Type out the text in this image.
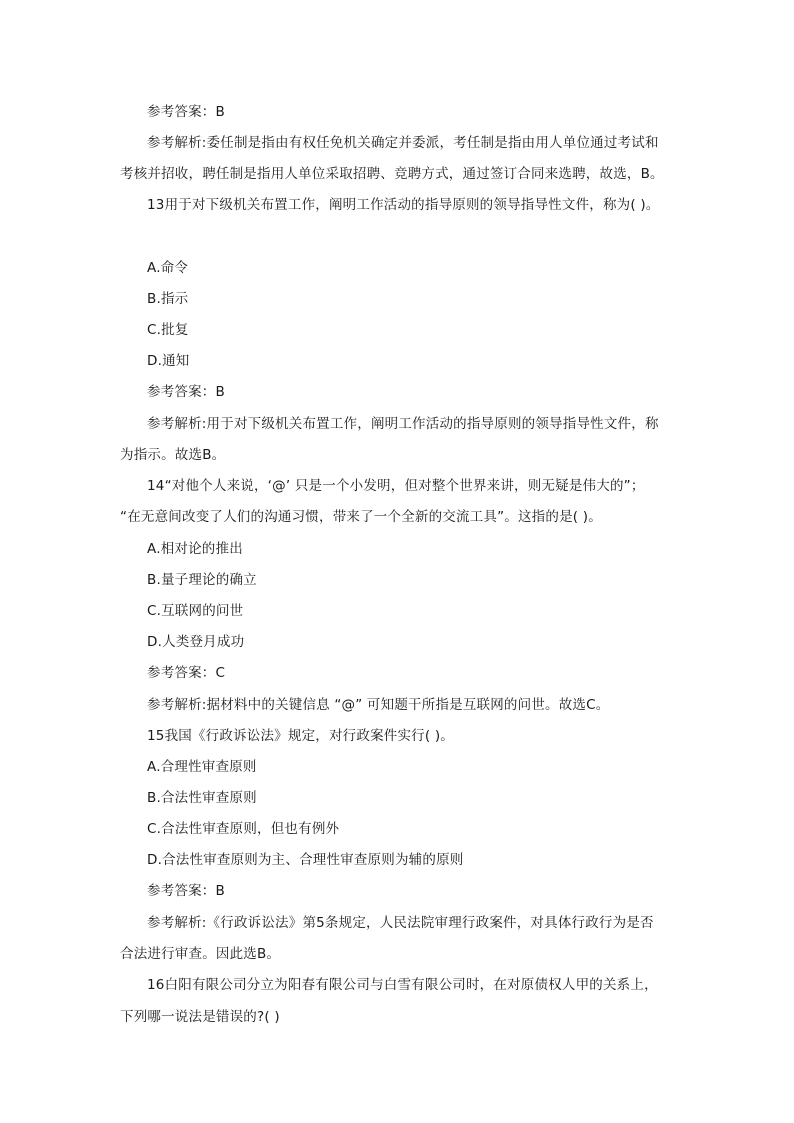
参考答案：B
参考解析:委任制是指由有权任免机关确定并委派，考任制是指由用人单位通过考试和
考核并招收，聘任制是指用人单位采取招聘、竞聘方式，通过签订合同来选聘，故选，B。
13用于对下级机关布置工作，阐明工作活动的指导原则的领导指导性文件，称为( )。
A.命令
B.指示
C.批复
D.通知
参考答案：B
参考解析:用于对下级机关布置工作，阐明工作活动的指导原则的领导指导性文件，称
为指示。故选B。
14“对他个人来说，‘@’ 只是一个小发明，但对整个世界来讲，则无疑是伟大的”；
“在无意间改变了人们的沟通习惯，带来了一个全新的交流工具”。这指的是( )。
A.相对论的推出
B.量子理论的确立
C.互联网的问世
D.人类登月成功
参考答案：C
参考解析:据材料中的关键信息 “@” 可知题干所指是互联网的问世。故选C。
15我国《行政诉讼法》规定，对行政案件实行( )。
A.合理性审查原则
B.合法性审查原则
C.合法性审查原则，但也有例外
D.合法性审查原则为主、合理性审查原则为辅的原则
参考答案：B
参考解析:《行政诉讼法》第5条规定，人民法院审理行政案件，对具体行政行为是否
合法进行审查。因此选B。
16白阳有限公司分立为阳春有限公司与白雪有限公司时，在对原债权人甲的关系上，
下列哪一说法是错误的?( )
